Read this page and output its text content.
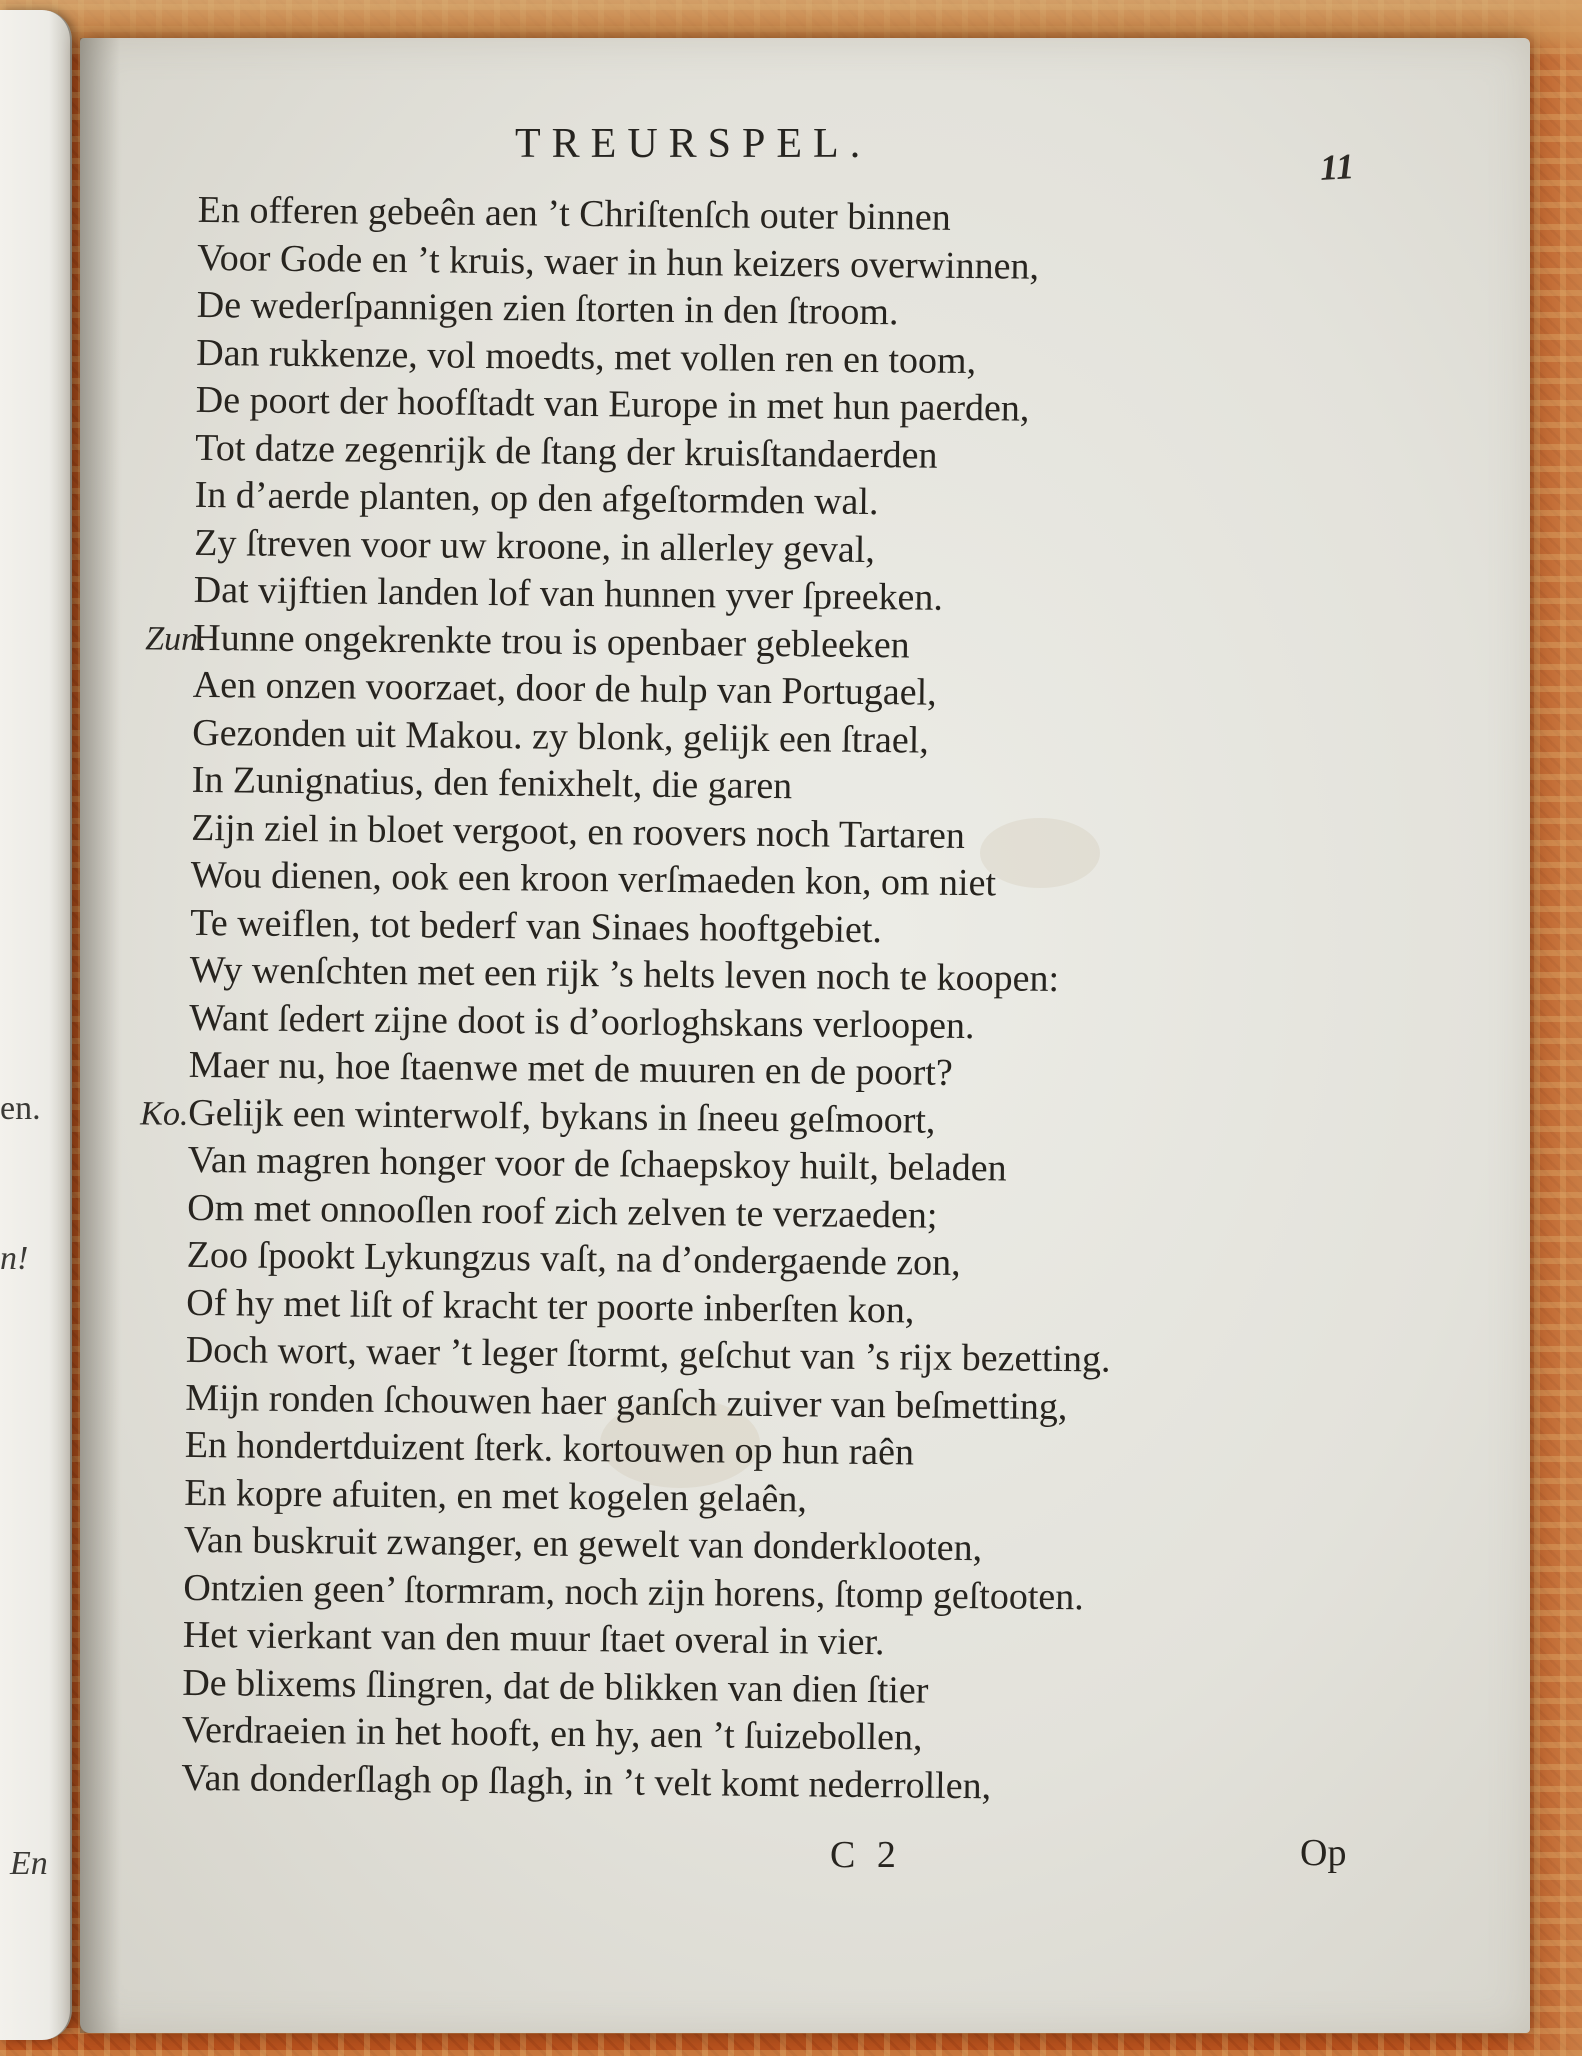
en.
n!
En
TREURSPEL.
11
En offeren gebeên aen ’t Chriſtenſch outer binnen
Voor Gode en ’t kruis, waer in hun keizers overwinnen,
De wederſpannigen zien ſtorten in den ſtroom.
Dan rukkenze, vol moedts, met vollen ren en toom,
De poort der hoofſtadt van Europe in met hun paerden,
Tot datze zegenrijk de ſtang der kruisſtandaerden
In d’aerde planten, op den afgeſtormden wal.
Zy ſtreven voor uw kroone, in allerley geval,
Dat vijftien landen lof van hunnen yver ſpreeken.
Zun.Hunne ongekrenkte trou is openbaer gebleeken
Aen onzen voorzaet, door de hulp van Portugael,
Gezonden uit Makou. zy blonk, gelijk een ſtrael,
In Zunignatius, den fenixhelt, die garen
Zijn ziel in bloet vergoot, en roovers noch Tartaren
Wou dienen, ook een kroon verſmaeden kon, om niet
Te weiflen, tot bederf van Sinaes hooftgebiet.
Wy wenſchten met een rijk ’s helts leven noch te koopen:
Want ſedert zijne doot is d’oorloghskans verloopen.
Maer nu, hoe ſtaenwe met de muuren en de poort?
Ko.Gelijk een winterwolf, bykans in ſneeu geſmoort,
Van magren honger voor de ſchaepskoy huilt, beladen
Om met onnooſlen roof zich zelven te verzaeden;
Zoo ſpookt Lykungzus vaſt, na d’ondergaende zon,
Of hy met liſt of kracht ter poorte inberſten kon,
Doch wort, waer ’t leger ſtormt, geſchut van ’s rijx bezetting.
Mijn ronden ſchouwen haer ganſch zuiver van beſmetting,
En hondertduizent ſterk. kortouwen op hun raên
En kopre afuiten, en met kogelen gelaên,
Van buskruit zwanger, en gewelt van donderklooten,
Ontzien geen’ ſtormram, noch zijn horens, ſtomp geſtooten.
Het vierkant van den muur ſtaet overal in vier.
De blixems ſlingren, dat de blikken van dien ſtier
Verdraeien in het hooft, en hy, aen ’t ſuizebollen,
Van donderſlagh op ſlagh, in ’t velt komt nederrollen,
C 2	Op
